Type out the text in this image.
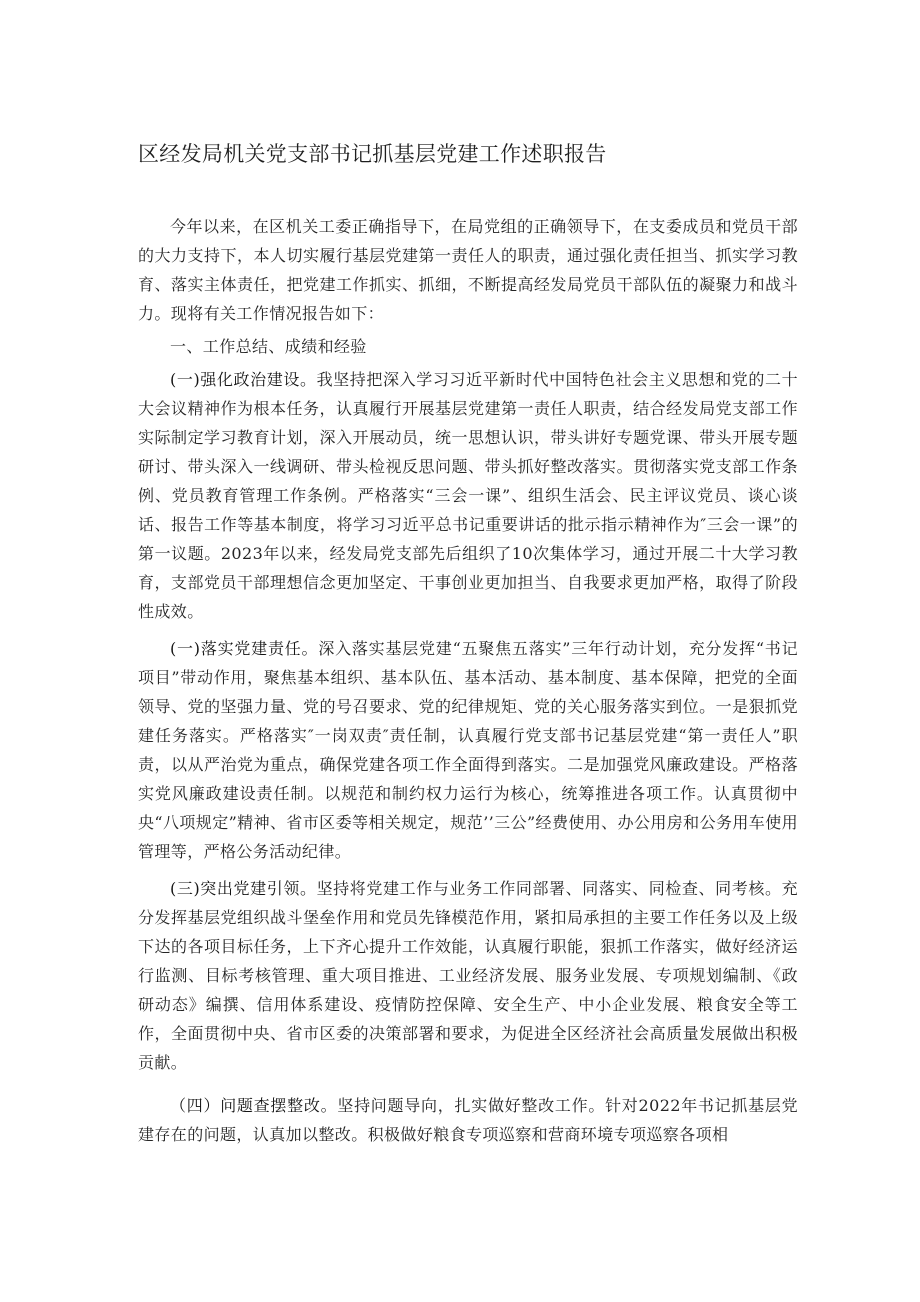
区经发局机关党支部书记抓基层党建工作述职报告

今年以来，在区机关工委正确指导下，在局党组的正确领导下，在支委成员和党员干部的大力支持下，本人切实履行基层党建第一责任人的职责，通过强化责任担当、抓实学习教育、落实主体责任，把党建工作抓实、抓细，不断提高经发局党员干部队伍的凝聚力和战斗力。现将有关工作情况报告如下：

一、工作总结、成绩和经验

(一)强化政治建设。我坚持把深入学习习近平新时代中国特色社会主义思想和党的二十大会议精神作为根本任务，认真履行开展基层党建第一责任人职责，结合经发局党支部工作实际制定学习教育计划，深入开展动员，统一思想认识，带头讲好专题党课、带头开展专题研讨、带头深入一线调研、带头检视反思问题、带头抓好整改落实。贯彻落实党支部工作条例、党员教育管理工作条例。严格落实“三会一课”、组织生活会、民主评议党员、谈心谈话、报告工作等基本制度，将学习习近平总书记重要讲话的批示指示精神作为″三会一课”的第一议题。2023年以来，经发局党支部先后组织了10次集体学习，通过开展二十大学习教育，支部党员干部理想信念更加坚定、干事创业更加担当、自我要求更加严格，取得了阶段性成效。

(一)落实党建责任。深入落实基层党建“五聚焦五落实”三年行动计划，充分发挥“书记项目”带动作用，聚焦基本组织、基本队伍、基本活动、基本制度、基本保障，把党的全面领导、党的坚强力量、党的号召要求、党的纪律规矩、党的关心服务落实到位。一是狠抓党建任务落实。严格落实″一岗双责″责任制，认真履行党支部书记基层党建“第一责任人”职责，以从严治党为重点，确保党建各项工作全面得到落实。二是加强党风廉政建设。严格落实党风廉政建设责任制。以规范和制约权力运行为核心，统筹推进各项工作。认真贯彻中央“八项规定”精神、省市区委等相关规定，规范’’三公”经费使用、办公用房和公务用车使用管理等，严格公务活动纪律。

(三)突出党建引领。坚持将党建工作与业务工作同部署、同落实、同检查、同考核。充分发挥基层党组织战斗堡垒作用和党员先锋模范作用，紧扣局承担的主要工作任务以及上级下达的各项目标任务，上下齐心提升工作效能，认真履行职能，狠抓工作落实，做好经济运行监测、目标考核管理、重大项目推进、工业经济发展、服务业发展、专项规划编制、《政研动态》编撰、信用体系建设、疫情防控保障、安全生产、中小企业发展、粮食安全等工作，全面贯彻中央、省市区委的决策部署和要求，为促进全区经济社会高质量发展做出积极贡献。

（四）问题查摆整改。坚持问题导向，扎实做好整改工作。针对2022年书记抓基层党建存在的问题，认真加以整改。积极做好粮食专项巡察和营商环境专项巡察各项相
